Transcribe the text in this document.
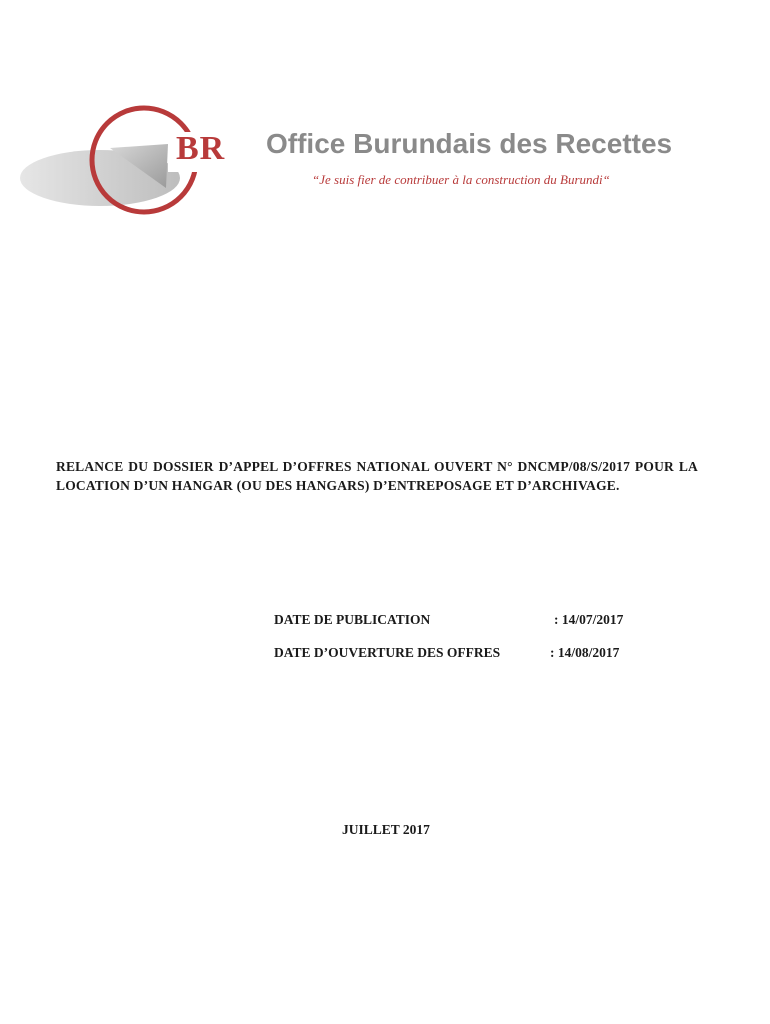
BR Office Burundais des Recettes
“Je suis fier de contribuer à la construction du Burundi“
RELANCE DU DOSSIER D’APPEL D’OFFRES NATIONAL OUVERT N° DNCMP/08/S/2017 POUR LA LOCATION D’UN HANGAR (OU DES HANGARS) D’ENTREPOSAGE ET D’ARCHIVAGE.
DATE DE PUBLICATION	: 14/07/2017
DATE D’OUVERTURE DES OFFRES	: 14/08/2017
JUILLET 2017
